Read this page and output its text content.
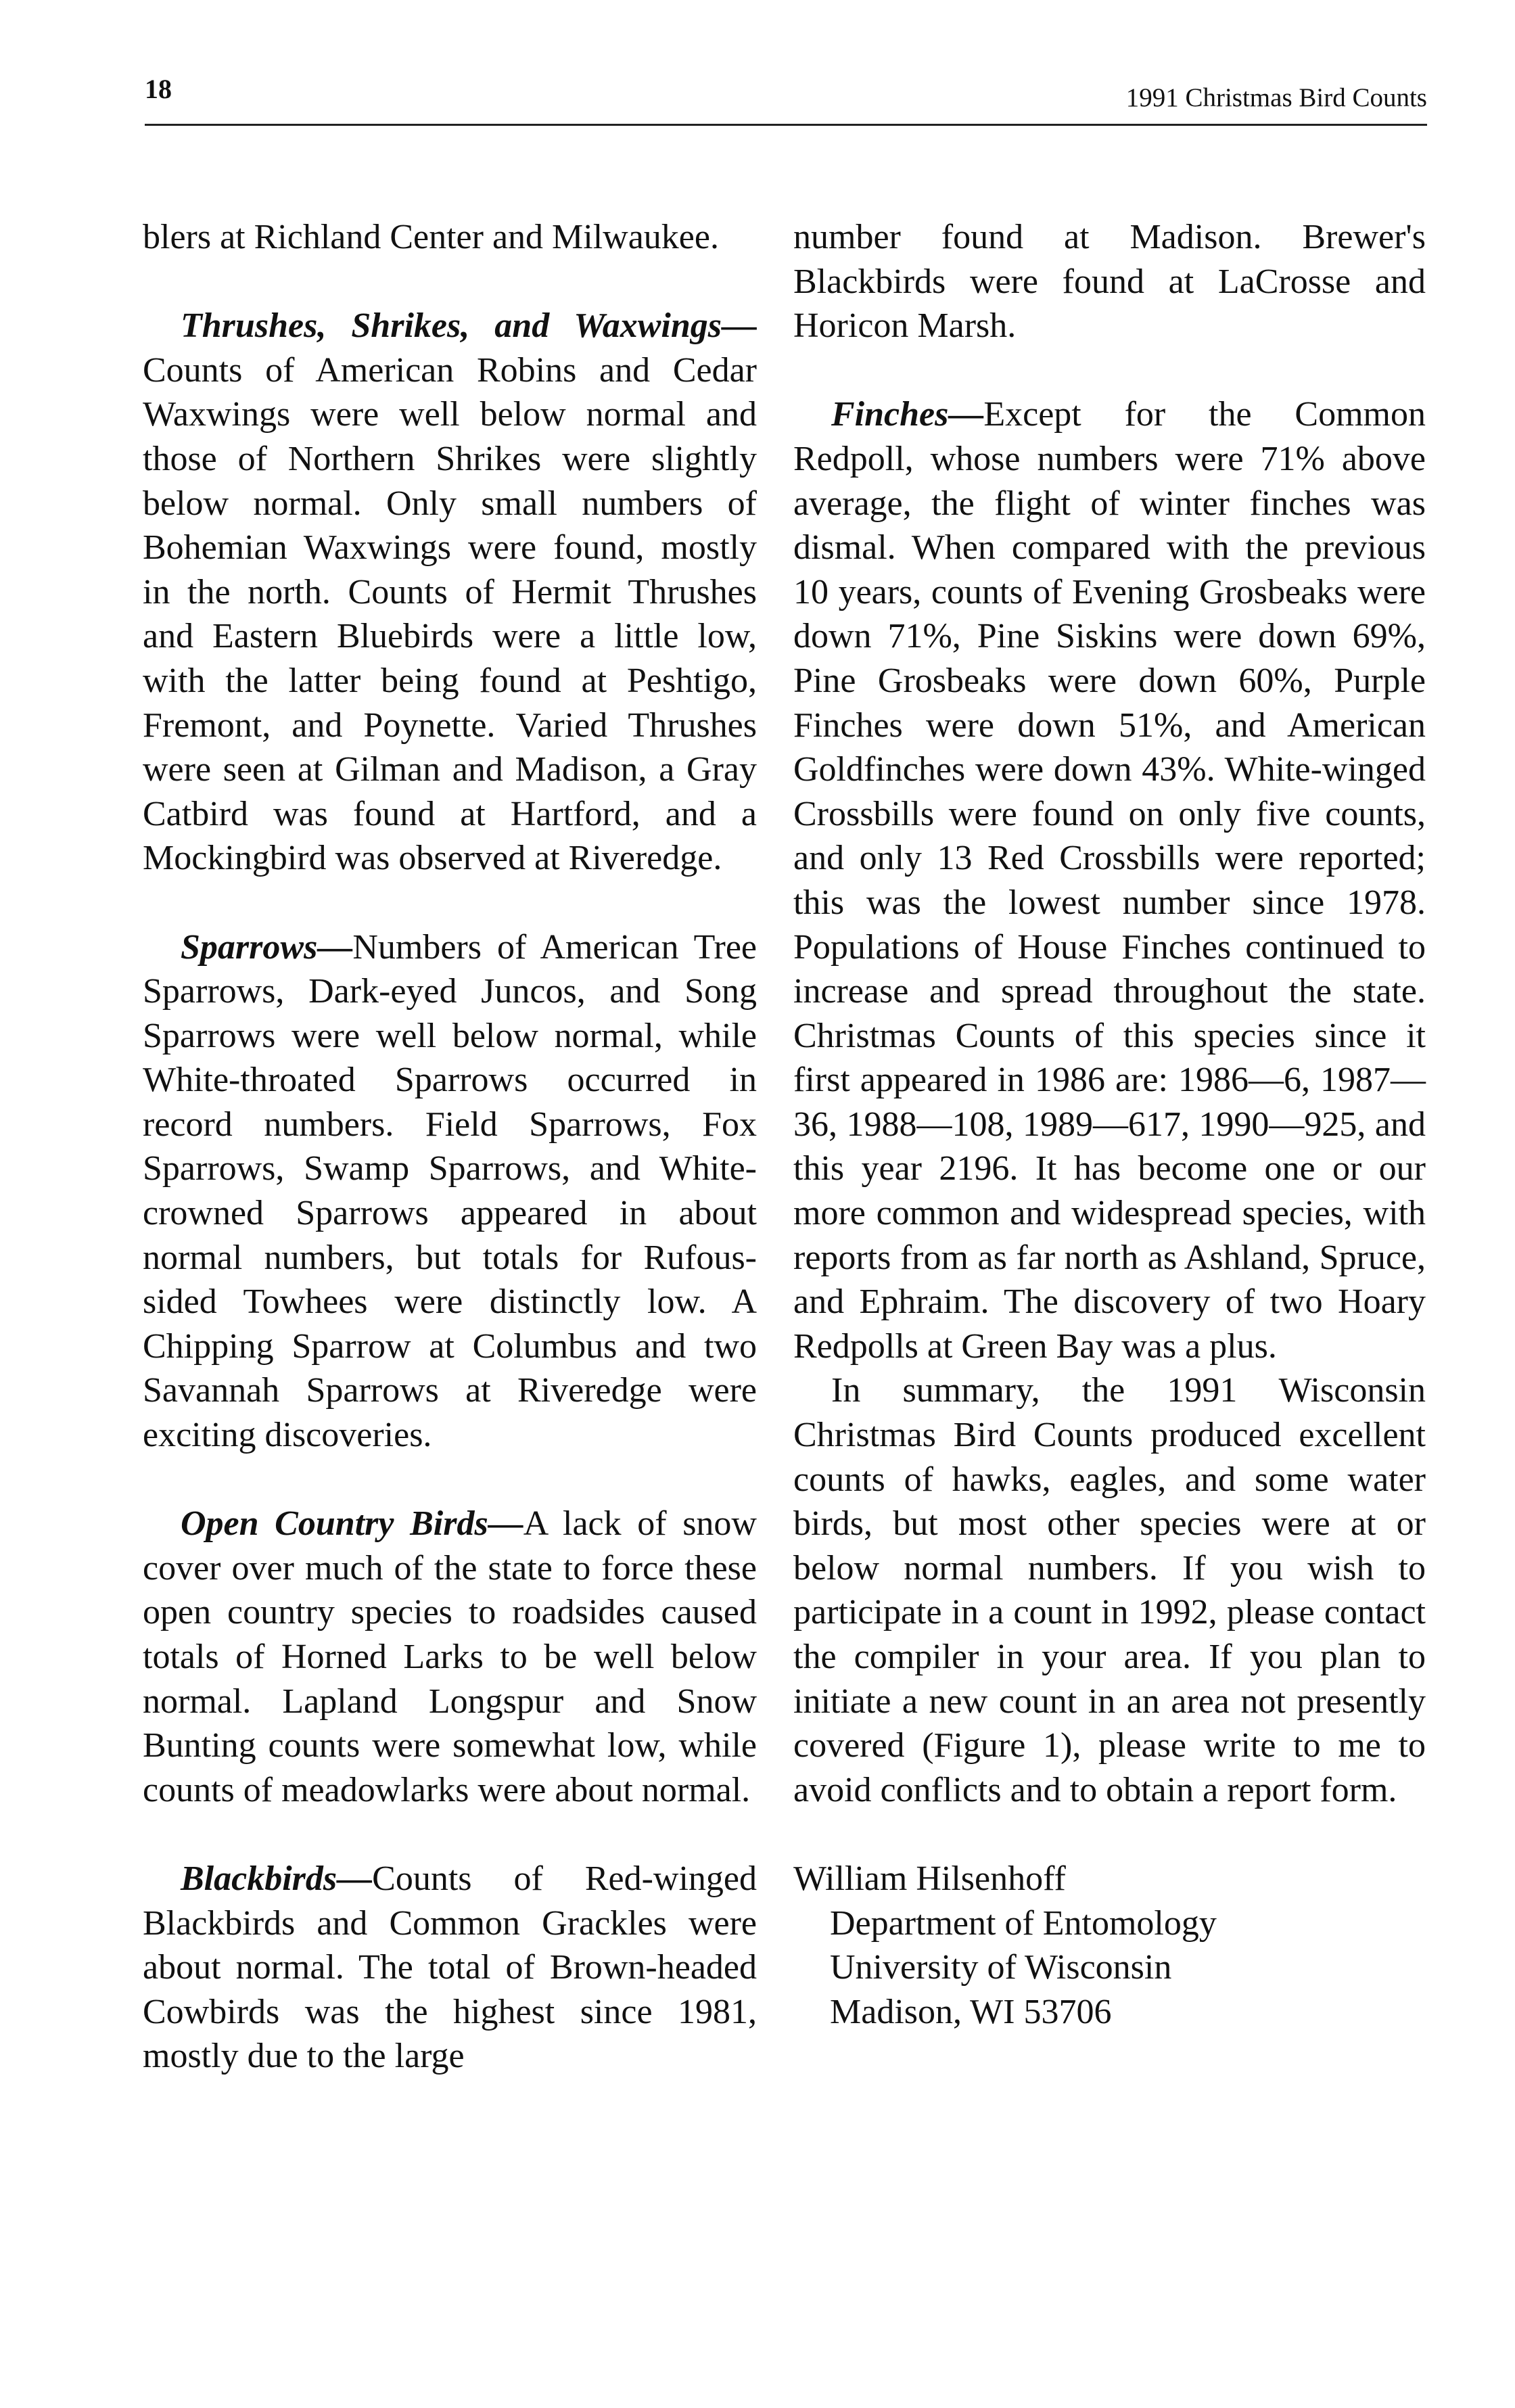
18	1991 Christmas Bird Counts

blers at Richland Center and Milwaukee.

Thrushes, Shrikes, and Waxwings—Counts of American Robins and Cedar Waxwings were well below normal and those of Northern Shrikes were slightly below normal. Only small numbers of Bohemian Waxwings were found, mostly in the north. Counts of Hermit Thrushes and Eastern Bluebirds were a little low, with the latter being found at Peshtigo, Fremont, and Poynette. Varied Thrushes were seen at Gilman and Madison, a Gray Catbird was found at Hartford, and a Mockingbird was observed at Riveredge.

Sparrows—Numbers of American Tree Sparrows, Dark-eyed Juncos, and Song Sparrows were well below normal, while White-throated Sparrows occurred in record numbers. Field Sparrows, Fox Sparrows, Swamp Sparrows, and White-crowned Sparrows appeared in about normal numbers, but totals for Rufous-sided Towhees were distinctly low. A Chipping Sparrow at Columbus and two Savannah Sparrows at Riveredge were exciting discoveries.

Open Country Birds—A lack of snow cover over much of the state to force these open country species to roadsides caused totals of Horned Larks to be well below normal. Lapland Longspur and Snow Bunting counts were somewhat low, while counts of meadowlarks were about normal.

Blackbirds—Counts of Red-winged Blackbirds and Common Grackles were about normal. The total of Brown-headed Cowbirds was the highest since 1981, mostly due to the large

number found at Madison. Brewer's Blackbirds were found at LaCrosse and Horicon Marsh.

Finches—Except for the Common Redpoll, whose numbers were 71% above average, the flight of winter finches was dismal. When compared with the previous 10 years, counts of Evening Grosbeaks were down 71%, Pine Siskins were down 69%, Pine Grosbeaks were down 60%, Purple Finches were down 51%, and American Goldfinches were down 43%. White-winged Crossbills were found on only five counts, and only 13 Red Crossbills were reported; this was the lowest number since 1978. Populations of House Finches continued to increase and spread throughout the state. Christmas Counts of this species since it first appeared in 1986 are: 1986—6, 1987—36, 1988—108, 1989—617, 1990—925, and this year 2196. It has become one or our more common and widespread species, with reports from as far north as Ashland, Spruce, and Ephraim. The discovery of two Hoary Redpolls at Green Bay was a plus.

In summary, the 1991 Wisconsin Christmas Bird Counts produced excellent counts of hawks, eagles, and some water birds, but most other species were at or below normal numbers. If you wish to participate in a count in 1992, please contact the compiler in your area. If you plan to initiate a new count in an area not presently covered (Figure 1), please write to me to avoid conflicts and to obtain a report form.

William Hilsenhoff
Department of Entomology
University of Wisconsin
Madison, WI 53706
